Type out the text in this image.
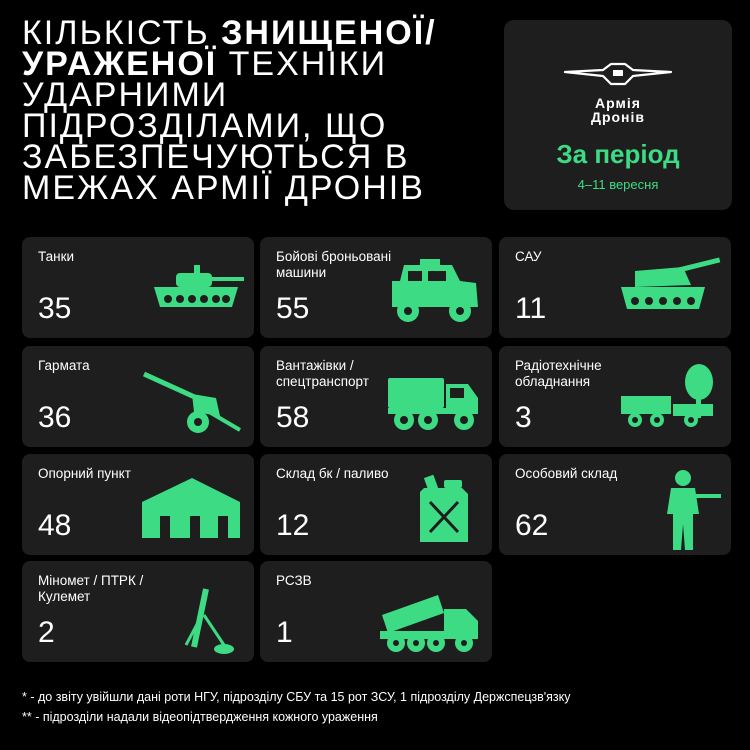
КІЛЬКІСТЬ ЗНИЩЕНОЇ/ УРАЖЕНОЇ ТЕХНІКИ УДАРНИМИ ПІДРОЗДІЛАМИ, ЩО ЗАБЕЗПЕЧУЮТЬСЯ В МЕЖАХ АРМІЇ ДРОНІВ
Армія
Дронів
За період
4–11 вересня
Танки
35
Бойові броньовані машини
55
САУ
11
Гармата
36
Вантажівки / спецтранспорт
58
Радіотехнічне обладнання
3
Опорний пункт
48
Склад бк / паливо
12
Особовий склад
62
Міномет / ПТРК /Кулемет
2
РСЗВ
1
* - до звіту увійшли дані роти НГУ, підрозділу СБУ та 15 рот ЗСУ, 1 підрозділу Держспецзв'язку
** - підрозділи надали відеопідтвердження кожного ураження
